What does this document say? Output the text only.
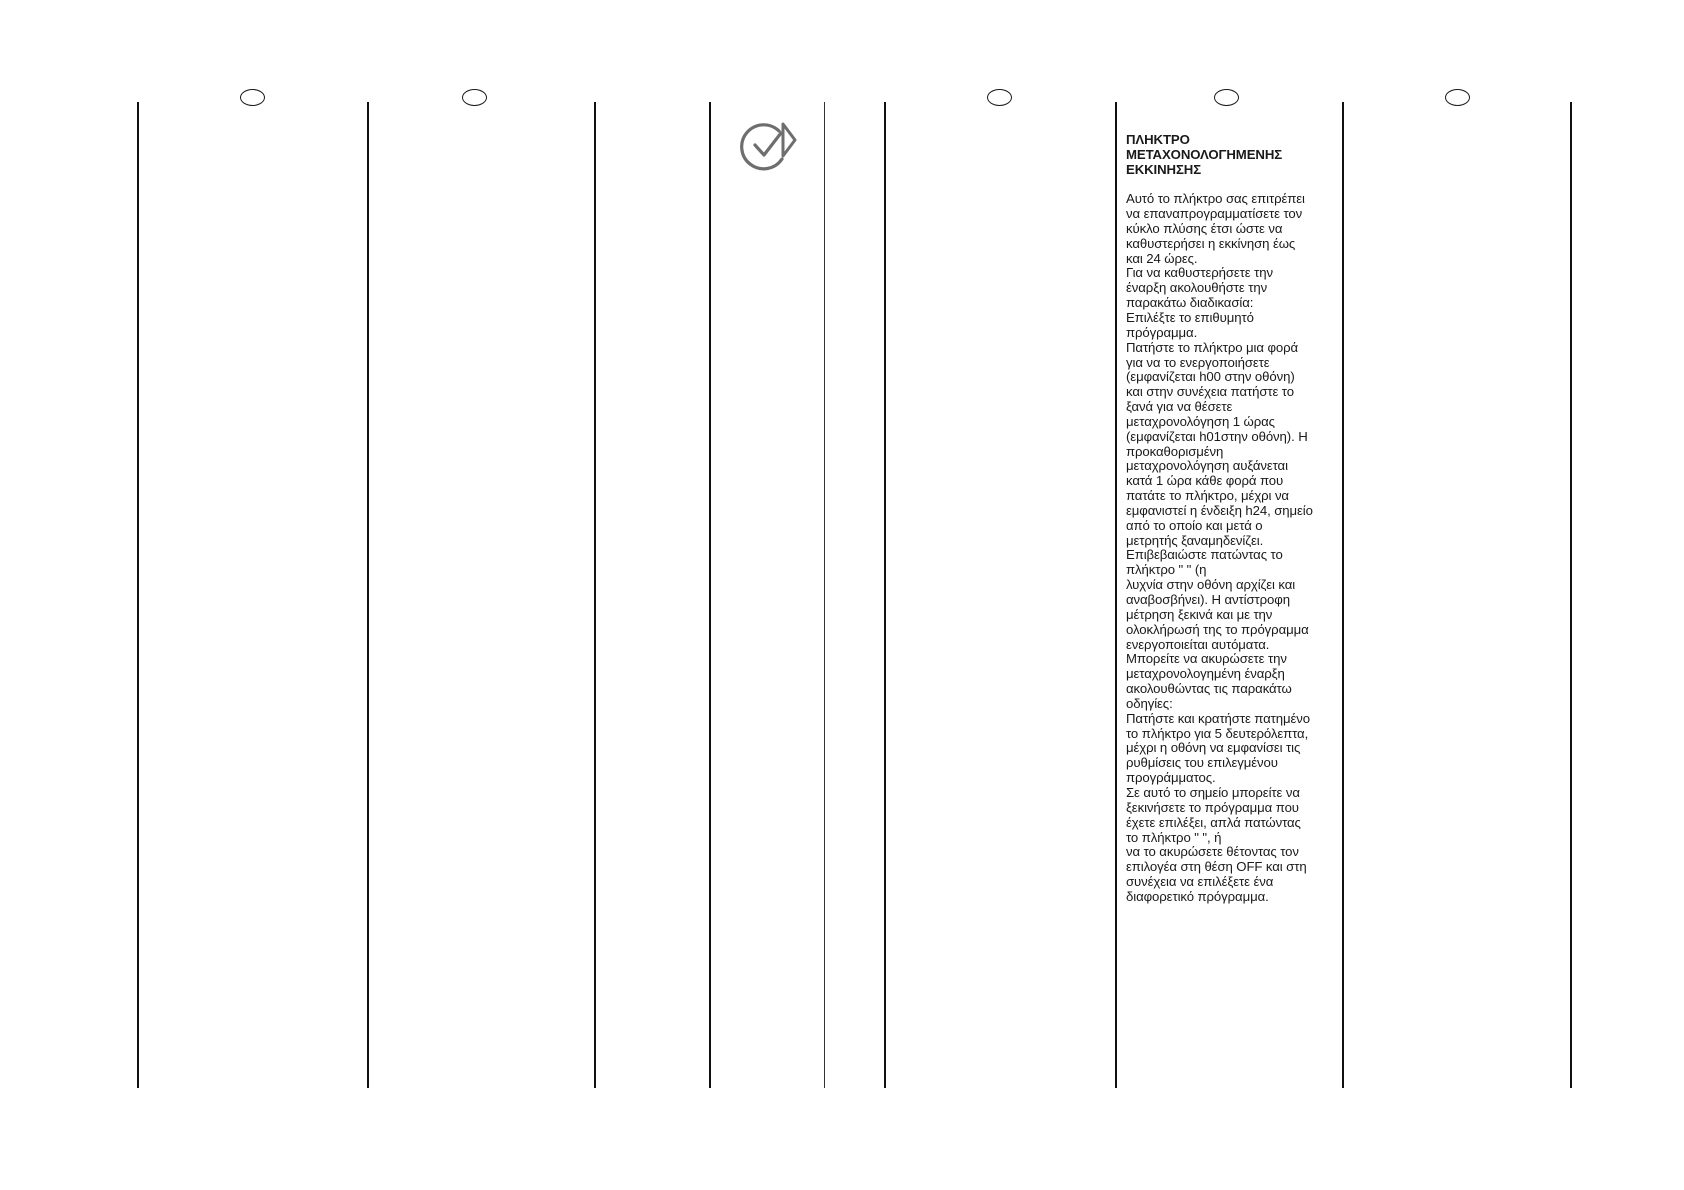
ΠΛΗΚΤΡΟ
ΜΕΤΑΧΟΝΟΛΟΓΗΜΕΝΗΣ
ΕΚΚΙΝΗΣΗΣ

Αυτό το πλήκτρο σας επιτρέπει
να επαναπρογραμματίσετε τον
κύκλο πλύσης έτσι ώστε να
καθυστερήσει η εκκίνηση έως
και 24 ώρες.
Για να καθυστερήσετε την
έναρξη ακολουθήστε την
παρακάτω διαδικασία:
Επιλέξτε το επιθυμητό
πρόγραμμα.
Πατήστε το πλήκτρο μια φορά
για να το ενεργοποιήσετε
(εμφανίζεται h00 στην οθόνη)
και στην συνέχεια πατήστε το
ξανά για να θέσετε
μεταχρονολόγηση 1 ώρας
(εμφανίζεται h01στην οθόνη). Η
προκαθορισμένη
μεταχρονολόγηση αυξάνεται
κατά 1 ώρα κάθε φορά που
πατάτε το πλήκτρο, μέχρι να
εμφανιστεί η ένδειξη h24, σημείο
από το οποίο και μετά ο
μετρητής ξαναμηδενίζει.
Επιβεβαιώστε πατώντας το
πλήκτρο " " (η
λυχνία στην οθόνη αρχίζει και
αναβοσβήνει). Η αντίστροφη
μέτρηση ξεκινά και με την
ολοκλήρωσή της το πρόγραμμα
ενεργοποιείται αυτόματα.
Μπορείτε να ακυρώσετε την
μεταχρονολογημένη έναρξη
ακολουθώντας τις παρακάτω
οδηγίες:
Πατήστε και κρατήστε πατημένο
το πλήκτρο για 5 δευτερόλεπτα,
μέχρι η οθόνη να εμφανίσει τις
ρυθμίσεις του επιλεγμένου
προγράμματος.
Σε αυτό το σημείο μπορείτε να
ξεκινήσετε το πρόγραμμα που
έχετε επιλέξει, απλά πατώντας
το πλήκτρο " ", ή
να το ακυρώσετε θέτοντας τον
επιλογέα στη θέση OFF και στη
συνέχεια να επιλέξετε ένα
διαφορετικό πρόγραμμα.
